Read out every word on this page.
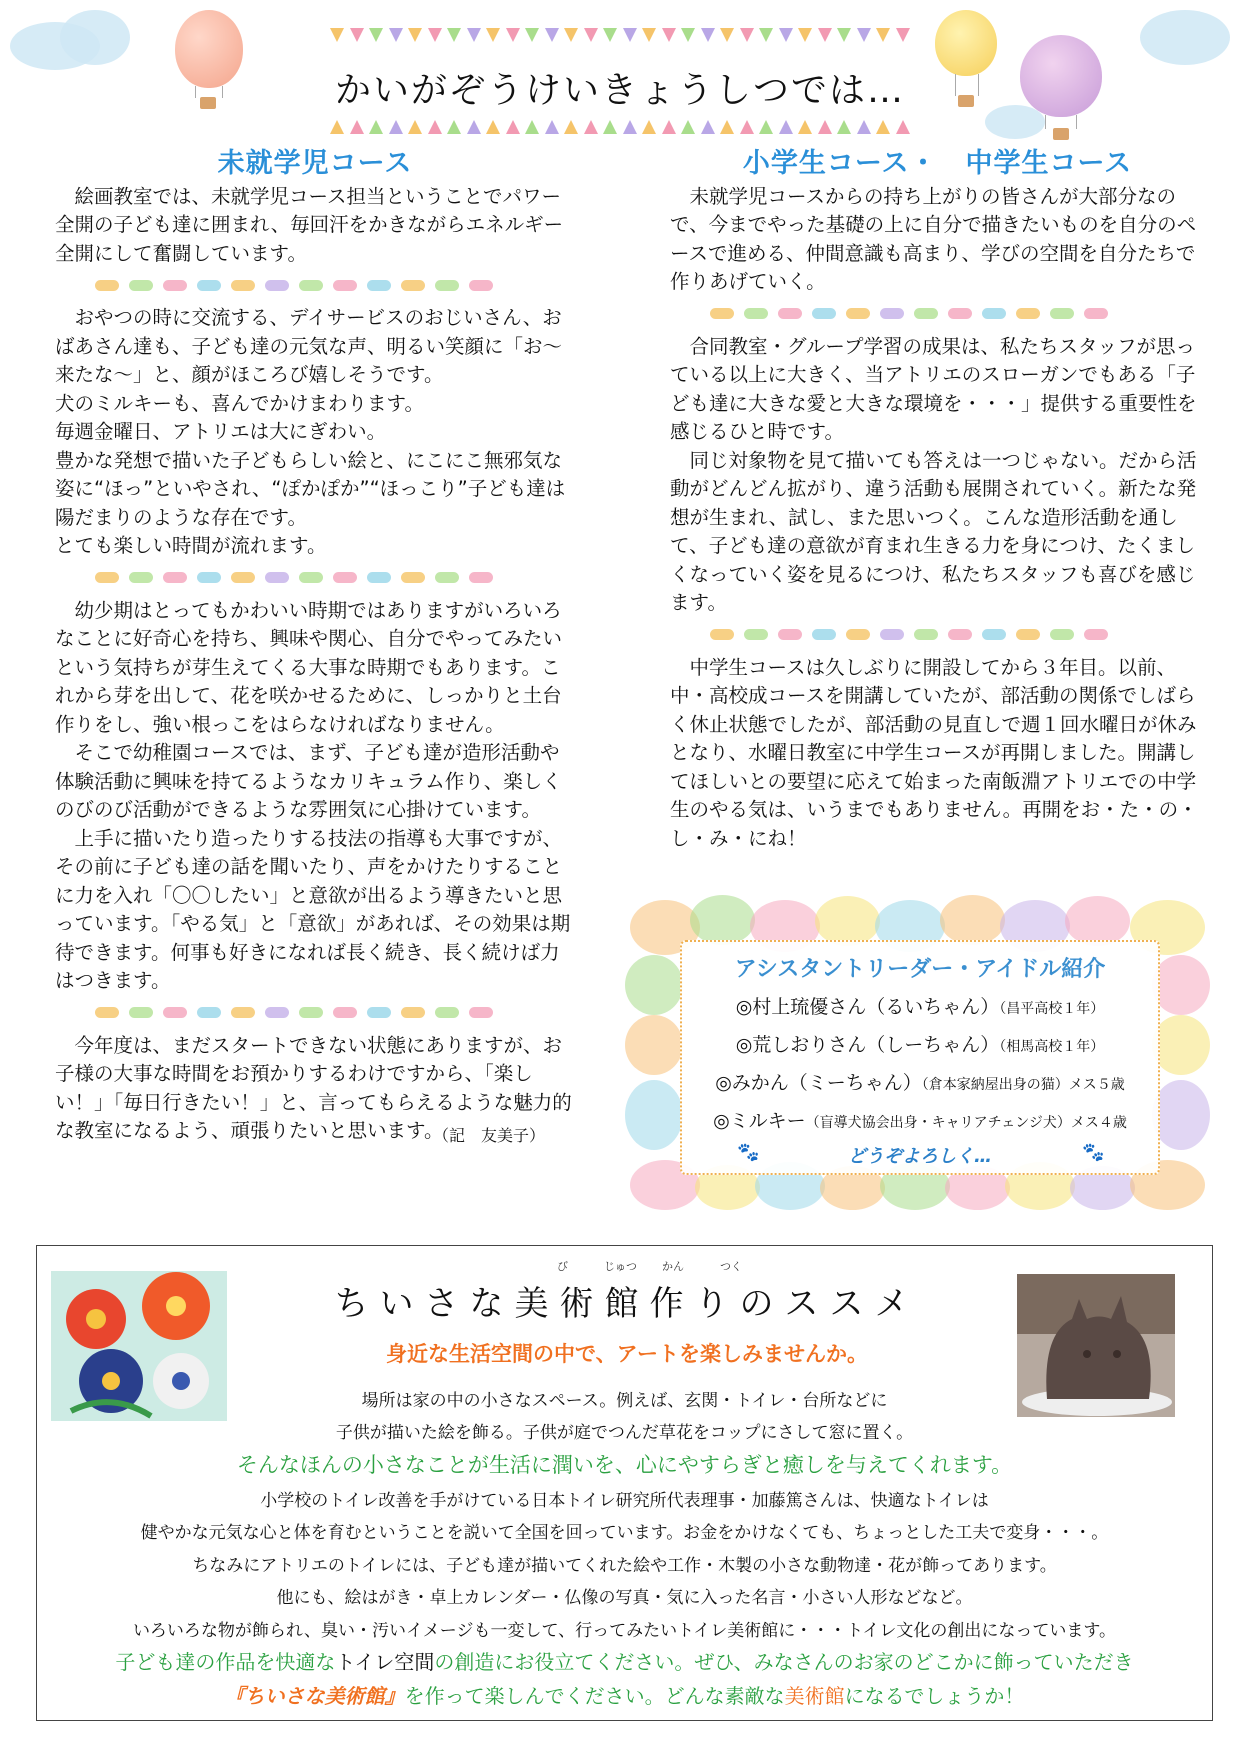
かいがぞうけいきょうしつでは…
未就学児コース
　絵画教室では、未就学児コース担当ということでパワー全開の子ども達に囲まれ、毎回汗をかきながらエネルギー全開にして奮闘しています。
　おやつの時に交流する、デイサービスのおじいさん、おばあさん達も、子ども達の元気な声、明るい笑顔に「お～来たな～」と、顔がほころび嬉しそうです。
犬のミルキーも、喜んでかけまわります。
毎週金曜日、アトリエは大にぎわい。
豊かな発想で描いた子どもらしい絵と、にこにこ無邪気な姿に“ほっ”といやされ、“ぽかぽか”“ほっこり”子ども達は陽だまりのような存在です。
とても楽しい時間が流れます。
　幼少期はとってもかわいい時期ではありますがいろいろなことに好奇心を持ち、興味や関心、自分でやってみたいという気持ちが芽生えてくる大事な時期でもあります。これから芽を出して、花を咲かせるために、しっかりと土台作りをし、強い根っこをはらなければなりません。
　そこで幼稚園コースでは、まず、子ども達が造形活動や体験活動に興味を持てるようなカリキュラム作り、楽しくのびのび活動ができるような雰囲気に心掛けています。
　上手に描いたり造ったりする技法の指導も大事ですが、その前に子ども達の話を聞いたり、声をかけたりすることに力を入れ「〇〇したい」と意欲が出るよう導きたいと思っています。「やる気」と「意欲」があれば、その効果は期待できます。何事も好きになれば長く続き、長く続けば力はつきます。
　今年度は、まだスタートできない状態にありますが、お子様の大事な時間をお預かりするわけですから、「楽しい！」「毎日行きたい！」と、言ってもらえるような魅力的な教室になるよう、頑張りたいと思います。
（記　友美子）
小学生コース・　中学生コース
　未就学児コースからの持ち上がりの皆さんが大部分なので、今までやった基礎の上に自分で描きたいものを自分のペースで進める、仲間意識も高まり、学びの空間を自分たちで作りあげていく。
　合同教室・グループ学習の成果は、私たちスタッフが思っている以上に大きく、当アトリエのスローガンでもある「子ども達に大きな愛と大きな環境を・・・」提供する重要性を感じるひと時です。
　同じ対象物を見て描いても答えは一つじゃない。だから活動がどんどん拡がり、違う活動も展開されていく。新たな発想が生まれ、試し、また思いつく。こんな造形活動を通して、子ども達の意欲が育まれ生きる力を身につけ、たくましくなっていく姿を見るにつけ、私たちスタッフも喜びを感じます。
　中学生コースは久しぶりに開設してから３年目。以前、中・高校成コースを開講していたが、部活動の関係でしばらく休止状態でしたが、部活動の見直しで週１回水曜日が休みとなり、水曜日教室に中学生コースが再開しました。開講してほしいとの要望に応えて始まった南飯淵アトリエでの中学生のやる気は、いうまでもありません。再開をお・た・の・し・み・にね！
アシスタントリーダー・アイドル紹介
◎村上琉優さん（るいちゃん）（昌平高校１年）
◎荒しおりさん（しーちゃん）（相馬高校１年）
◎みかん（ミーちゃん）（倉本家納屋出身の猫）メス５歳
◎ミルキー（盲導犬協会出身・キャリアチェンジ犬）メス４歳
🐾	どうぞよろしく…	🐾
び	じゅつ かん	つく
ちいさな美術館作りのススメ
身近な生活空間の中で、アートを楽しみませんか。
場所は家の中の小さなスペース。例えば、玄関・トイレ・台所などに
子供が描いた絵を飾る。子供が庭でつんだ草花をコップにさして窓に置く。
そんなほんの小さなことが生活に潤いを、心にやすらぎと癒しを与えてくれます。
小学校のトイレ改善を手がけている日本トイレ研究所代表理事・加藤篤さんは、快適なトイレは
健やかな元気な心と体を育むということを説いて全国を回っています。お金をかけなくても、ちょっとした工夫で変身・・・。
ちなみにアトリエのトイレには、子ども達が描いてくれた絵や工作・木製の小さな動物達・花が飾ってあります。
他にも、絵はがき・卓上カレンダー・仏像の写真・気に入った名言・小さい人形などなど。
いろいろな物が飾られ、臭い・汚いイメージも一変して、行ってみたいトイレ美術館に・・・トイレ文化の創出になっています。
子ども達の作品を快適なトイレ空間の創造にお役立てください。ぜひ、みなさんのお家のどこかに飾っていただき
『ちいさな美術館』を作って楽しんでください。どんな素敵な美術館になるでしょうか！
